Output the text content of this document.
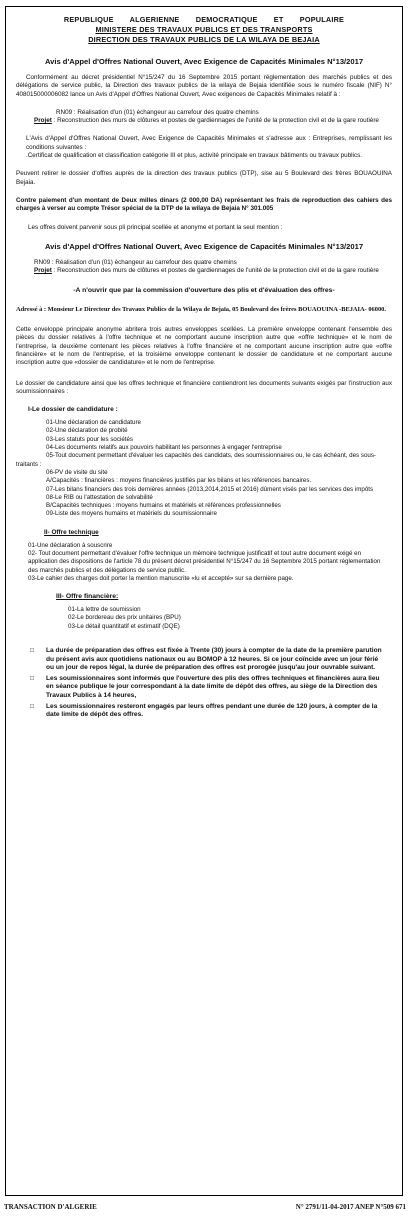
REPUBLIQUE ALGERIENNE DEMOCRATIQUE ET POPULAIRE
MINISTERE DES TRAVAUX PUBLICS ET DES TRANSPORTS
DIRECTION DES TRAVAUX PUBLICS DE LA WILAYA DE BEJAIA
Avis d'Appel d'Offres National Ouvert, Avec Exigence de Capacités Minimales N°13/2017

Conformément au décret présidentiel N°15/247 du 16 Septembre 2015 portant réglementation des marchés publics et des délégations de service public, la Direction des travaux publics de la wilaya de Bejaia identifiée sous le numéro fiscale (NIF) N° 408015000006082 lance un Avis d'Appel d'Offres National Ouvert, Avec exigences de Capacités Minimales relatif à :

RN09 : Réalisation d'un (01) échangeur au carrefour des quatre chemins

Projet : Reconstruction des murs de clôtures et postes de gardiennages de l'unité de la protection civil et de la gare routière

L'Avis d'Appel d'Offres National Ouvert, Avec Exigence de Capacités Minimales et s'adresse aux : Entreprises, remplissant les conditions suivantes :

.Certificat de qualification et classification catégorie III et plus, activité principale en travaux bâtiments ou travaux publics.

Peuvent retirer le dossier d'offres auprès de la direction des travaux publics (DTP), sise au 5 Boulevard des frères BOUAOUINA Bejaia.

Contre paiement d'un montant de Deux milles dinars (2 000,00 DA) représentant les frais de reproduction des cahiers des charges à verser au compte Trésor spécial de la DTP de la wilaya de Bejaia N° 301.005

Les offres doivent parvenir sous pli principal scellée et anonyme et portant la seul mention :

Avis d'Appel d'Offres National Ouvert, Avec Exigence de Capacités Minimales N°13/2017

RN09 : Réalisation d'un (01) échangeur au carrefour des quatre chemins

Projet : Reconstruction des murs de clôtures et postes de gardiennages de l'unité de la protection civil et de la gare routière

-A n'ouvrir que par la commission d'ouverture des plis et d'évaluation des offres-

Adressé à : Monsieur Le Directeur des Travaux Publics de la Wilaya de Bejaïa, 05 Boulevard des frères BOUAOUINA -BEJAIA- 06000.

Cette enveloppe principale anonyme abritera trois autres enveloppes scellées. La première enveloppe contenant l'ensemble des pièces du dossier relatives à l'offre technique et ne comportant aucune inscription autre que «offre technique» et le nom de l'entreprise, la deuxième contenant les pièces relatives à l'offre financière et ne comportant aucune inscription autre que «offre financière» et le nom de l'entreprise, et la troisième enveloppe contenant le dossier de candidature et ne comportant aucune inscription autre que «dossier de candidature» et le nom de l'entreprise.

Le dossier de candidature ainsi que les offres technique et financière contiendront les documents suivants exigés par l'instruction aux soumissionnaires :

I-Le dossier de candidature :
01-Une déclaration de candidature
02-Une déclaration de probité
03-Les statuts pour les sociétés
04-Les documents relatifs aux pouvoirs habilitant les personnes à engager l'entreprise
05-Tout document permettant d'évaluer les capacités des candidats, des soumissionnaires ou, le cas échéant, des sous-traitants :
06-PV de visite du site
A/Capacités : financières : moyens financières justifiés par les bilans et les références bancaires.
07-Les bilans financiers des trois dernières années (2013,2014,2015 et 2016) dûment visés par les services des impôts
08-Le RIB ou l'attestation de solvabilité
B/Capacités techniques : moyens humains et matériels et références professionnelles
09-Liste des moyens humains et matériels du soumissionnaire
II- Offre technique
01-Une déclaration à souscrire
02- Tout document permettant d'évaluer l'offre technique un mémoire technique justificatif et tout autre document exigé en application des dispositions de l'article 78 du présent décret présidentiel N°15/247 du 16 Septembre 2015 portant réglementation des marchés publics et des délégations de service public.
03-Le cahier des charges doit porter la mention manuscrite «lu et accepté» sur sa dernière page.
III- Offre financière:
01-La lettre de soumission
02-Le bordereau des prix unitaires (BPU)
03-Le détail quantitatif et estimatif (DQE)
□ La durée de préparation des offres est fixée à Trente (30) jours à compter de la date de la première parution du présent avis aux quotidiens nationaux ou au BOMOP à 12 heures. Si ce jour coïncide avec un jour férié ou un jour de repos légal, la durée de préparation des offres est prorogée jusqu'au jour ouvrable suivant.
□ Les soumissionnaires sont informés que l'ouverture des plis des offres techniques et financières aura lieu en séance publique le jour correspondant à la date limite de dépôt des offres, au siège de la Direction des Travaux Publics à 14 heures,
□ Les soumissionnaires resteront engagés par leurs offres pendant une durée de 120 jours, à compter de la date limite de dépôt des offres.
TRANSACTION D'ALGERIE	N° 2791/11-04-2017 ANEP N°509 671
